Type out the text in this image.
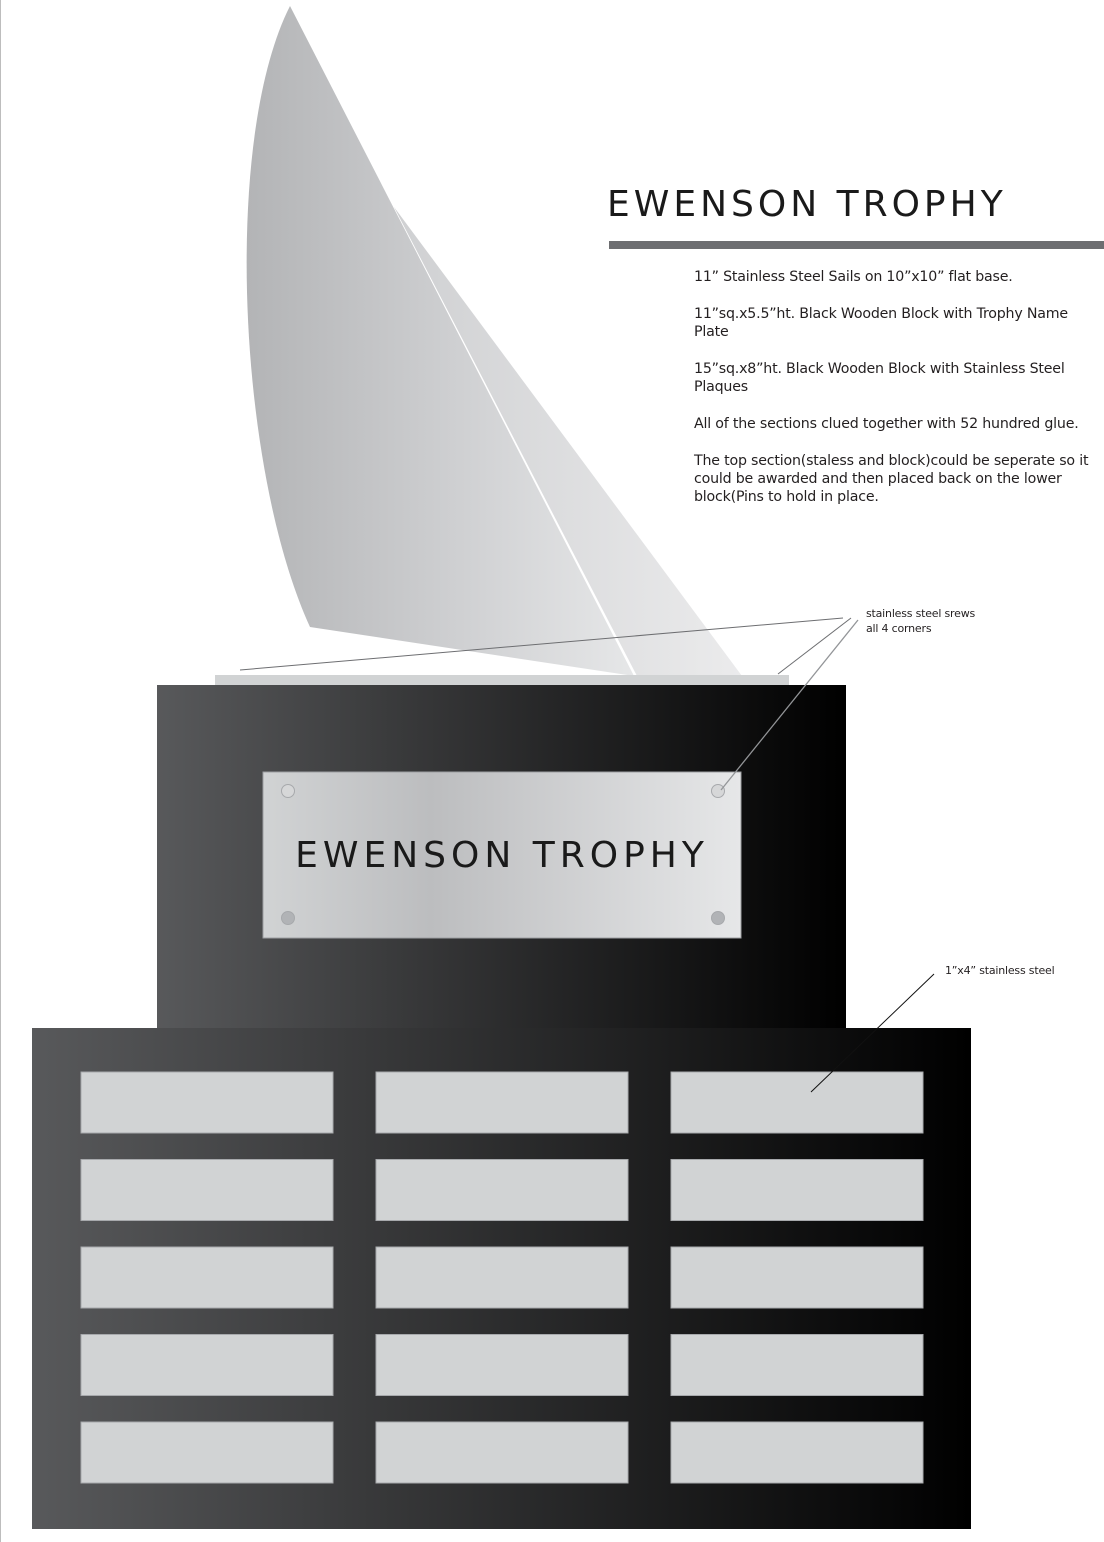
EWENSON TROPHY
11” Stainless Steel Sails on 10”x10” flat base.
11”sq.x5.5”ht. Black Wooden Block with Trophy Name Plate
15”sq.x8”ht. Black Wooden Block with Stainless Steel Plaques
All of the sections clued together with 52 hundred glue.
The top section(staless and block)could be seperate so it could be awarded and then placed back on the lower block(Pins to hold in place.
stainless steel srews
all 4 corners
1”x4” stainless steel
EWENSON TROPHY
